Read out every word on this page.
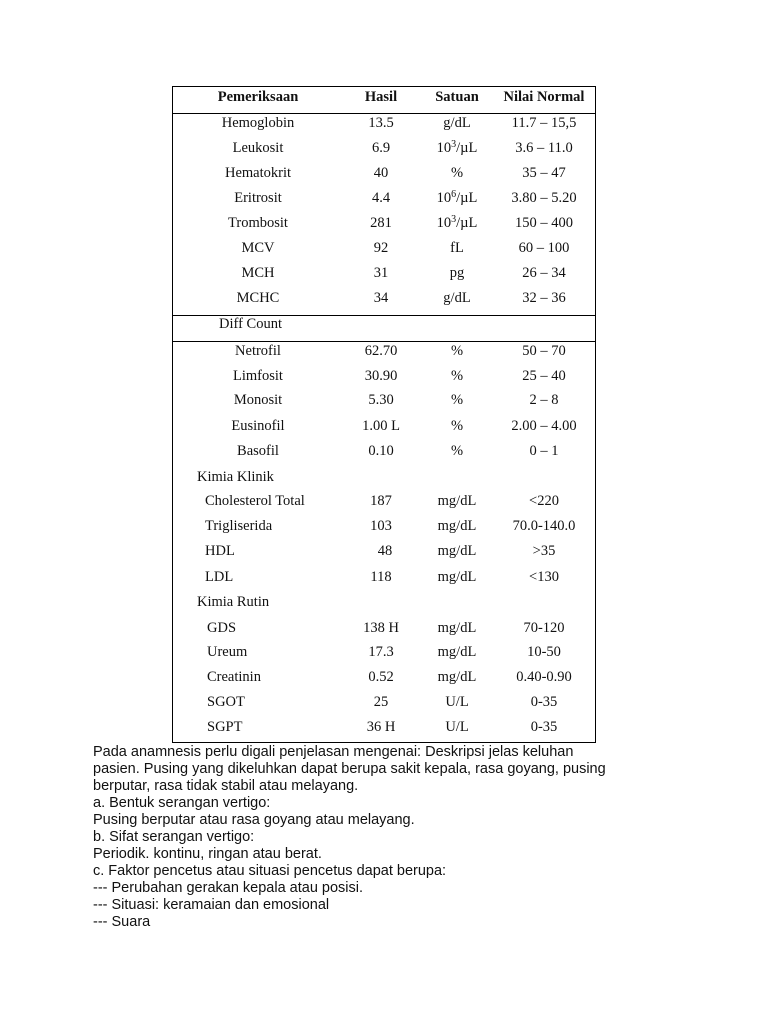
Pemeriksaan	Hasil	Satuan	Nilai Normal
Hemoglobin	13.5	g/dL	11.7 – 15,5
Leukosit	6.9	$10^3/\mu L$	3.6 – 11.0
Hematokrit	40	%	35 – 47
Eritrosit	4.4	$10^6/\mu L$	3.80 – 5.20
Trombosit	281	$10^3/\mu L$	150 – 400
MCV	92	fL	60 – 100
MCH	31	pg	26 – 34
MCHC	34	g/dL	32 – 36
Diff Count
Netrofil	62.70	%	50 – 70
Limfosit	30.90	%	25 – 40
Monosit	5.30	%	2 – 8
Eusinofil	1.00 L	%	2.00 – 4.00
Basofil	0.10	%	0 – 1
Kimia Klinik
Cholesterol Total	187	mg/dL	<220
Trigliserida	103	mg/dL	70.0-140.0
HDL	48	mg/dL	>35
LDL	118	mg/dL	<130
Kimia Rutin
GDS	138 H	mg/dL	70-120
Ureum	17.3	mg/dL	10-50
Creatinin	0.52	mg/dL	0.40-0.90
SGOT	25	U/L	0-35
SGPT	36 H	U/L	0-35

Pada anamnesis perlu digali penjelasan mengenai: Deskripsi jelas keluhan

pasien. Pusing yang dikeluhkan dapat berupa sakit kepala, rasa goyang, pusing

berputar, rasa tidak stabil atau melayang.

a. Bentuk serangan vertigo:

Pusing berputar atau rasa goyang atau melayang.

b. Sifat serangan vertigo:

Periodik. kontinu, ringan atau berat.

c. Faktor pencetus atau situasi pencetus dapat berupa:

--- Perubahan gerakan kepala atau posisi.

--- Situasi: keramaian dan emosional

--- Suara
